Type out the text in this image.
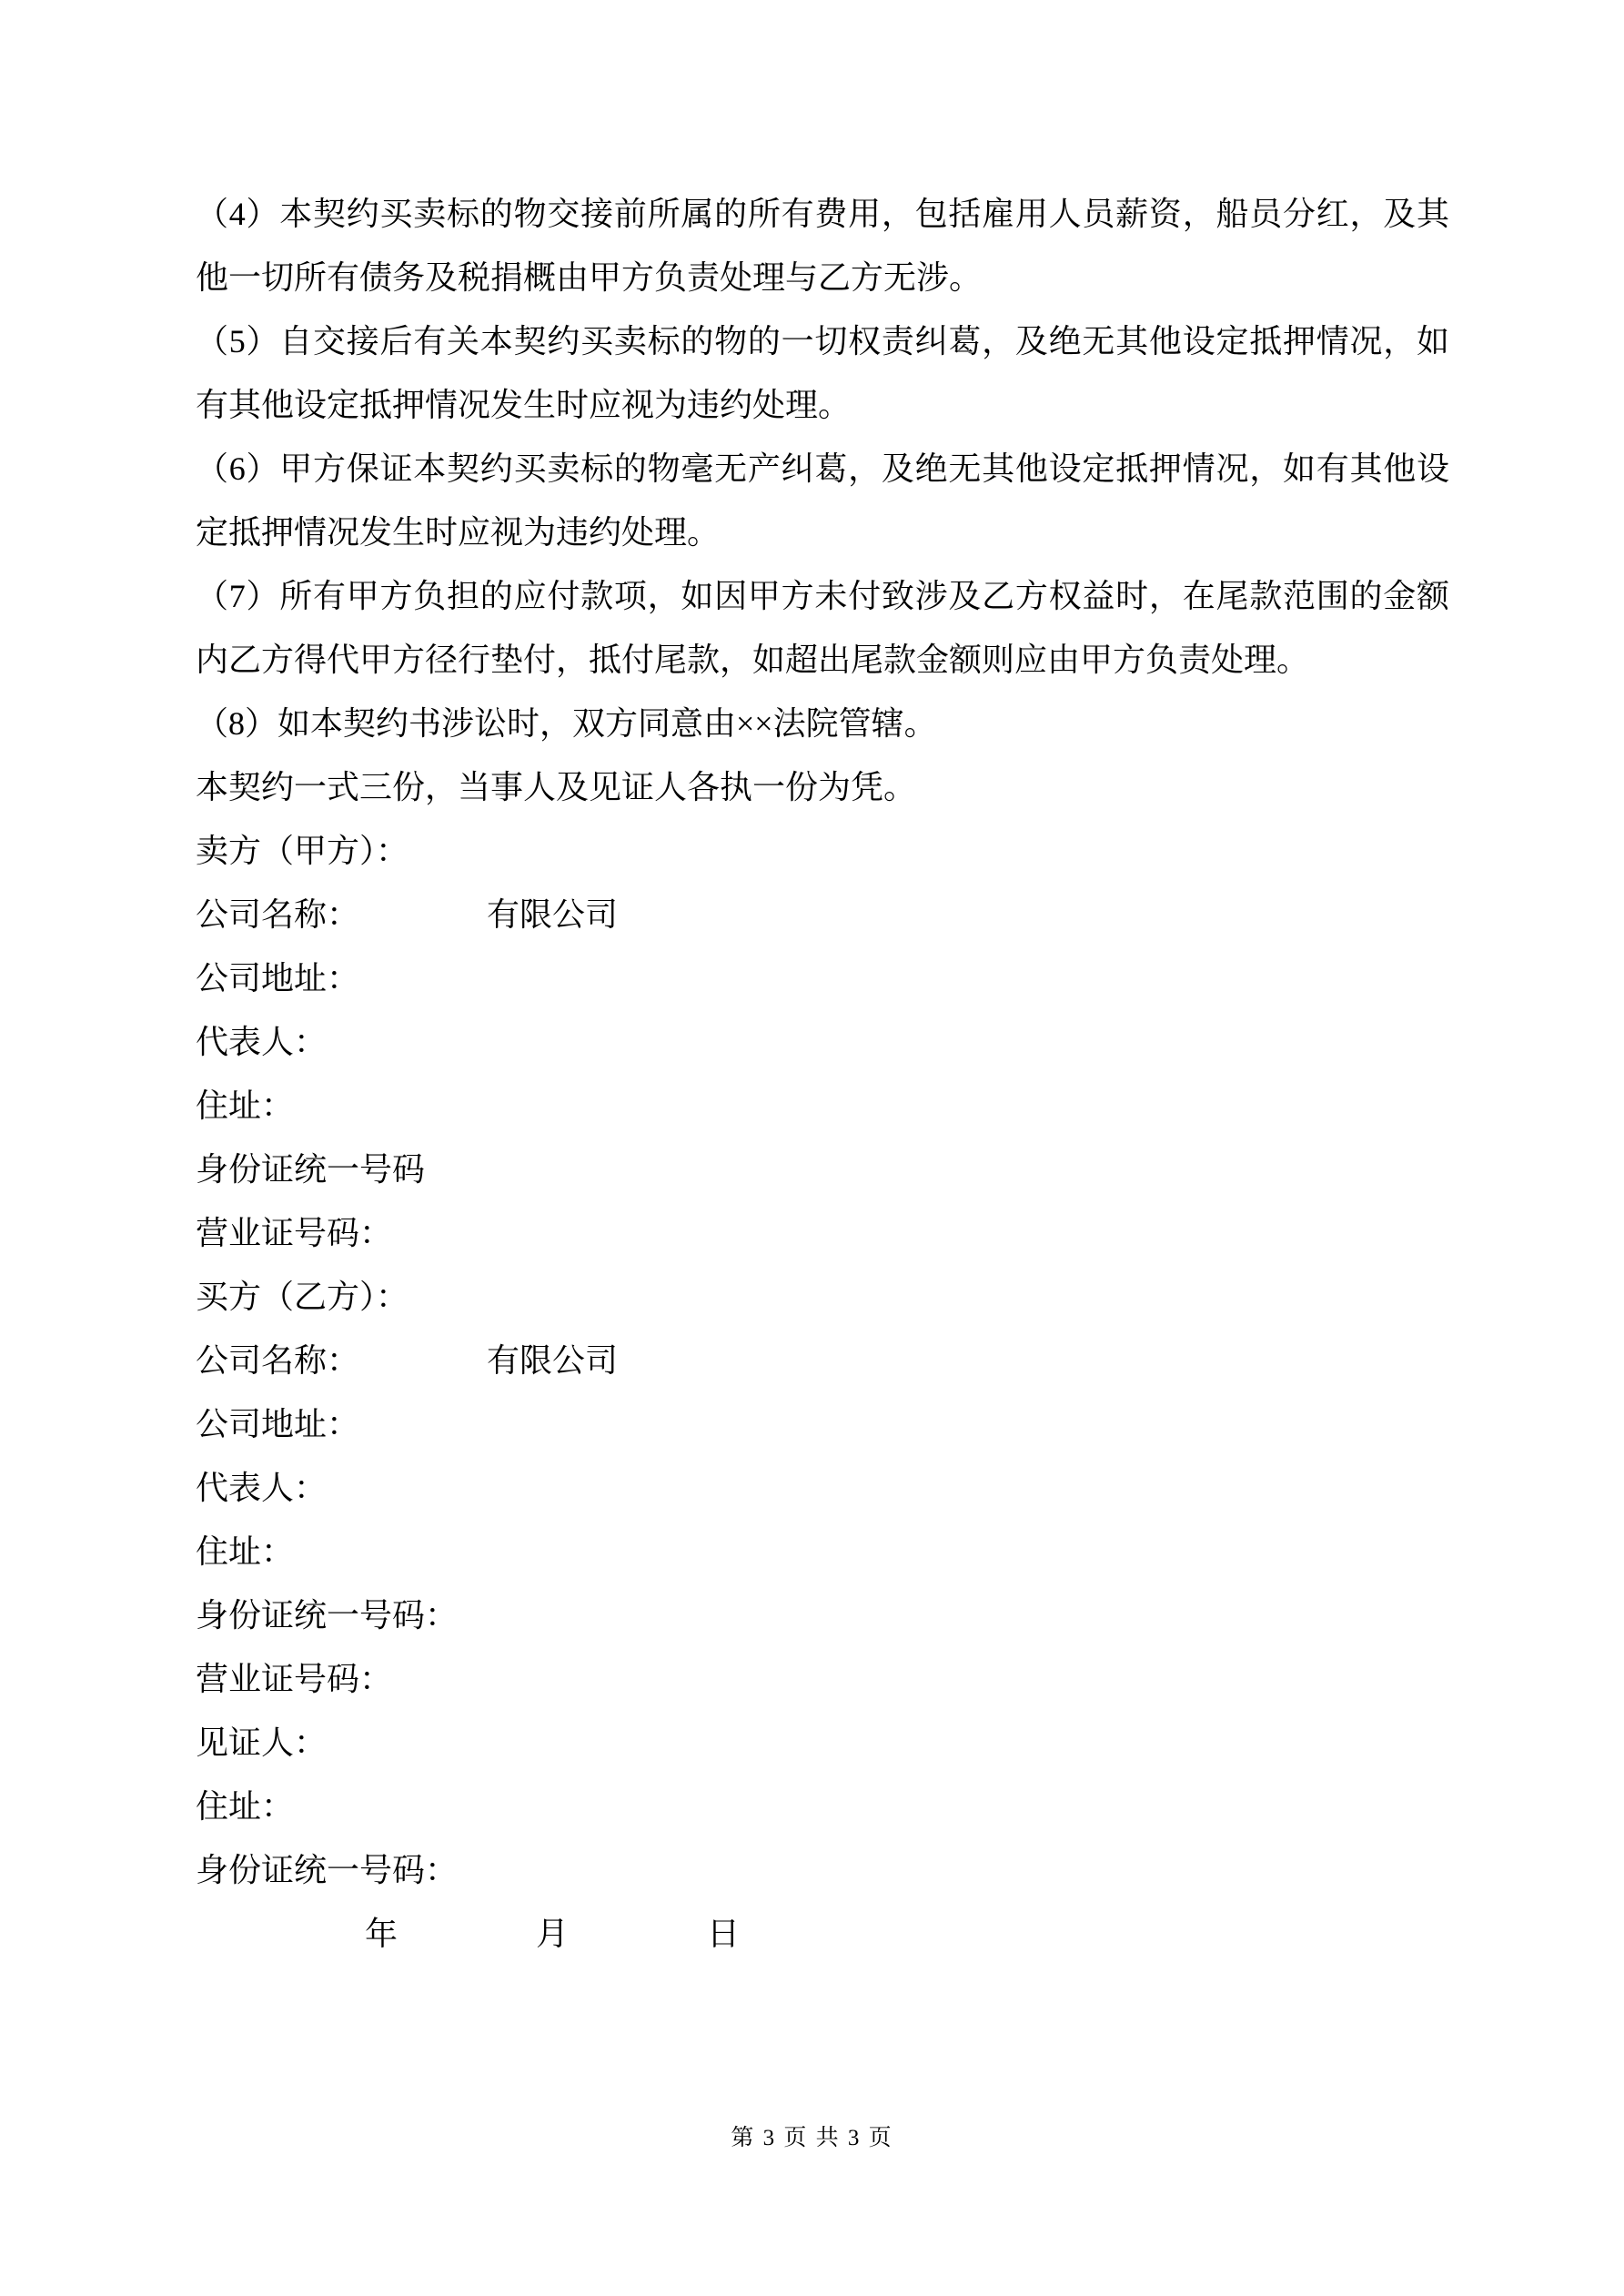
（4）本契约买卖标的物交接前所属的所有费用，包括雇用人员薪资，船员分红，及其他一切所有债务及税捐概由甲方负责处理与乙方无涉。

（5）自交接后有关本契约买卖标的物的一切权责纠葛，及绝无其他设定抵押情况，如有其他设定抵押情况发生时应视为违约处理。

（6）甲方保证本契约买卖标的物毫无产纠葛，及绝无其他设定抵押情况，如有其他设定抵押情况发生时应视为违约处理。

（7）所有甲方负担的应付款项，如因甲方未付致涉及乙方权益时，在尾款范围的金额内乙方得代甲方径行垫付，抵付尾款，如超出尾款金额则应由甲方负责处理。

（8）如本契约书涉讼时，双方同意由××法院管辖。

本契约一式三份，当事人及见证人各执一份为凭。

卖方（甲方）：
公司名称：	有限公司
公司地址：
代表人：
住址：
身份证统一号码
营业证号码：
买方（乙方）：
公司名称：	有限公司
公司地址：
代表人：
住址：
身份证统一号码：
营业证号码：
见证人：
住址：
身份证统一号码：
年	月	日
第 3 页 共 3 页
